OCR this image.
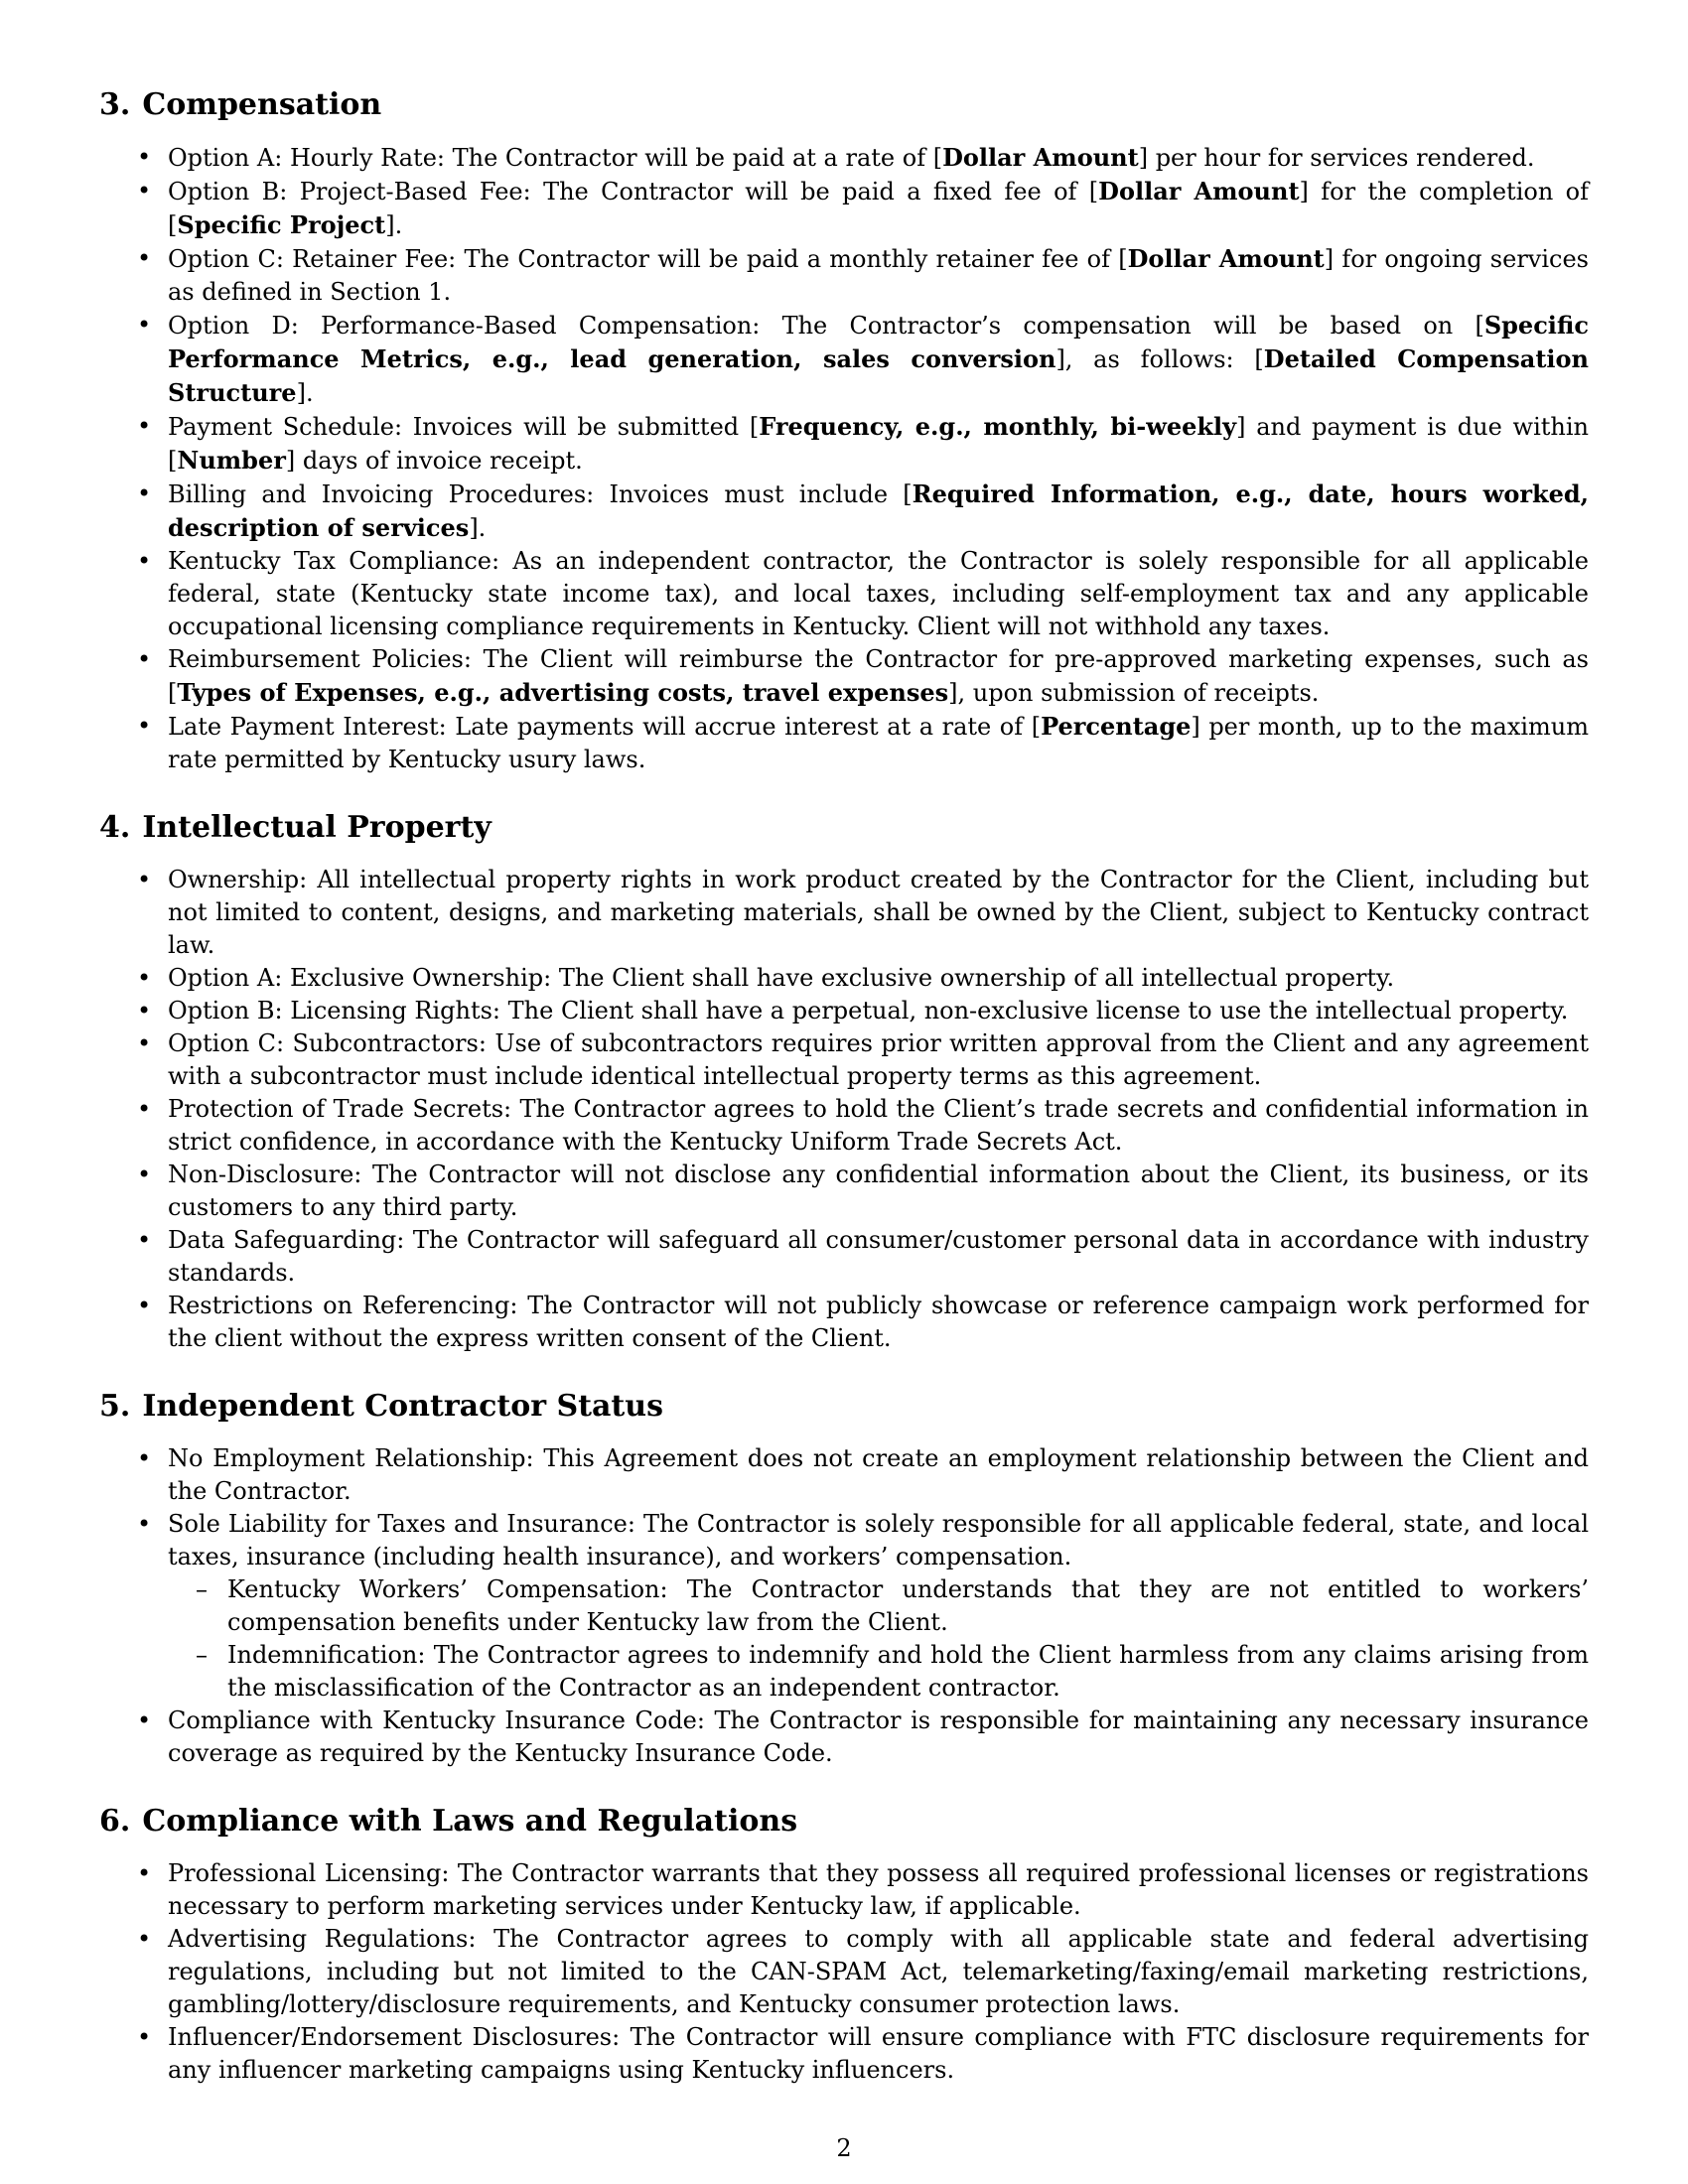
3. Compensation
• Option A: Hourly Rate: The Contractor will be paid at a rate of [Dollar Amount] per hour for services rendered.
• Option B: Project-Based Fee: The Contractor will be paid a fixed fee of [Dollar Amount] for the completion of [Specific Project].
• Option C: Retainer Fee: The Contractor will be paid a monthly retainer fee of [Dollar Amount] for ongoing services as defined in Section 1.
• Option D: Performance-Based Compensation: The Contractor’s compensation will be based on [Specific Performance Metrics, e.g., lead generation, sales conversion], as follows: [Detailed Compensation Structure].
• Payment Schedule: Invoices will be submitted [Frequency, e.g., monthly, bi-weekly] and payment is due within [Number] days of invoice receipt.
• Billing and Invoicing Procedures: Invoices must include [Required Information, e.g., date, hours worked, description of services].
• Kentucky Tax Compliance: As an independent contractor, the Contractor is solely responsible for all applicable federal, state (Kentucky state income tax), and local taxes, including self-employment tax and any applicable occupational licensing compliance requirements in Kentucky. Client will not withhold any taxes.
• Reimbursement Policies: The Client will reimburse the Contractor for pre-approved marketing expenses, such as [Types of Expenses, e.g., advertising costs, travel expenses], upon submission of receipts.
• Late Payment Interest: Late payments will accrue interest at a rate of [Percentage] per month, up to the maximum rate permitted by Kentucky usury laws.
4. Intellectual Property
• Ownership: All intellectual property rights in work product created by the Contractor for the Client, including but not limited to content, designs, and marketing materials, shall be owned by the Client, subject to Kentucky contract law.
• Option A: Exclusive Ownership: The Client shall have exclusive ownership of all intellectual property.
• Option B: Licensing Rights: The Client shall have a perpetual, non-exclusive license to use the intellectual property.
• Option C: Subcontractors: Use of subcontractors requires prior written approval from the Client and any agreement with a subcontractor must include identical intellectual property terms as this agreement.
• Protection of Trade Secrets: The Contractor agrees to hold the Client’s trade secrets and confidential information in strict confidence, in accordance with the Kentucky Uniform Trade Secrets Act.
• Non-Disclosure: The Contractor will not disclose any confidential information about the Client, its business, or its customers to any third party.
• Data Safeguarding: The Contractor will safeguard all consumer/customer personal data in accordance with industry standards.
• Restrictions on Referencing: The Contractor will not publicly showcase or reference campaign work performed for the client without the express written consent of the Client.
5. Independent Contractor Status
• No Employment Relationship: This Agreement does not create an employment relationship between the Client and the Contractor.
• Sole Liability for Taxes and Insurance: The Contractor is solely responsible for all applicable federal, state, and local taxes, insurance (including health insurance), and workers’ compensation.
– Kentucky Workers’ Compensation: The Contractor understands that they are not entitled to workers’ compensation benefits under Kentucky law from the Client.
– Indemnification: The Contractor agrees to indemnify and hold the Client harmless from any claims arising from the misclassification of the Contractor as an independent contractor.
• Compliance with Kentucky Insurance Code: The Contractor is responsible for maintaining any necessary insurance coverage as required by the Kentucky Insurance Code.
6. Compliance with Laws and Regulations
• Professional Licensing: The Contractor warrants that they possess all required professional licenses or registrations necessary to perform marketing services under Kentucky law, if applicable.
• Advertising Regulations: The Contractor agrees to comply with all applicable state and federal advertising regulations, including but not limited to the CAN-SPAM Act, telemarketing/faxing/email marketing restrictions, gambling/lottery/disclosure requirements, and Kentucky consumer protection laws.
• Influencer/Endorsement Disclosures: The Contractor will ensure compliance with FTC disclosure requirements for any influencer marketing campaigns using Kentucky influencers.
2
